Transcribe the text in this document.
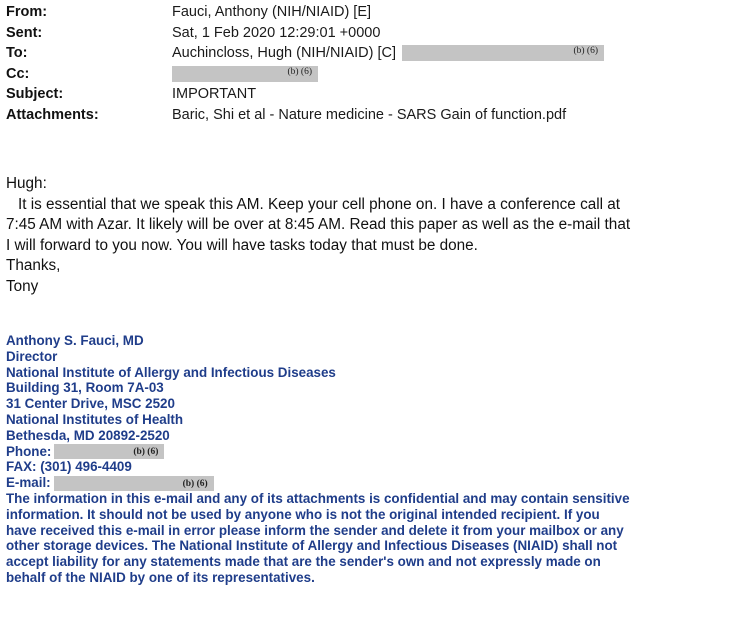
From:	Fauci, Anthony (NIH/NIAID) [E]
Sent:	Sat, 1 Feb 2020 12:29:01 +0000
To:	Auchincloss, Hugh (NIH/NIAID) [C]	(b) (6)
Cc:	(b) (6)
Subject:	IMPORTANT
Attachments:	Baric, Shi et al - Nature medicine - SARS Gain of function.pdf

Hugh:

It is essential that we speak this AM. Keep your cell phone on. I have a conference call at

7:45 AM with Azar. It likely will be over at 8:45 AM. Read this paper as well as the e-mail that

I will forward to you now. You will have tasks today that must be done.

Thanks,

Tony

Anthony S. Fauci, MD
Director
National Institute of Allergy and Infectious Diseases
Building 31, Room 7A-03
31 Center Drive, MSC 2520
National Institutes of Health
Bethesda, MD 20892-2520
Phone:	(b) (6)
FAX: (301) 496-4409
E-mail:	(b) (6)
The information in this e-mail and any of its attachments is confidential and may contain sensitive
information. It should not be used by anyone who is not the original intended recipient. If you
have received this e-mail in error please inform the sender and delete it from your mailbox or any
other storage devices. The National Institute of Allergy and Infectious Diseases (NIAID) shall not
accept liability for any statements made that are the sender's own and not expressly made on
behalf of the NIAID by one of its representatives.
